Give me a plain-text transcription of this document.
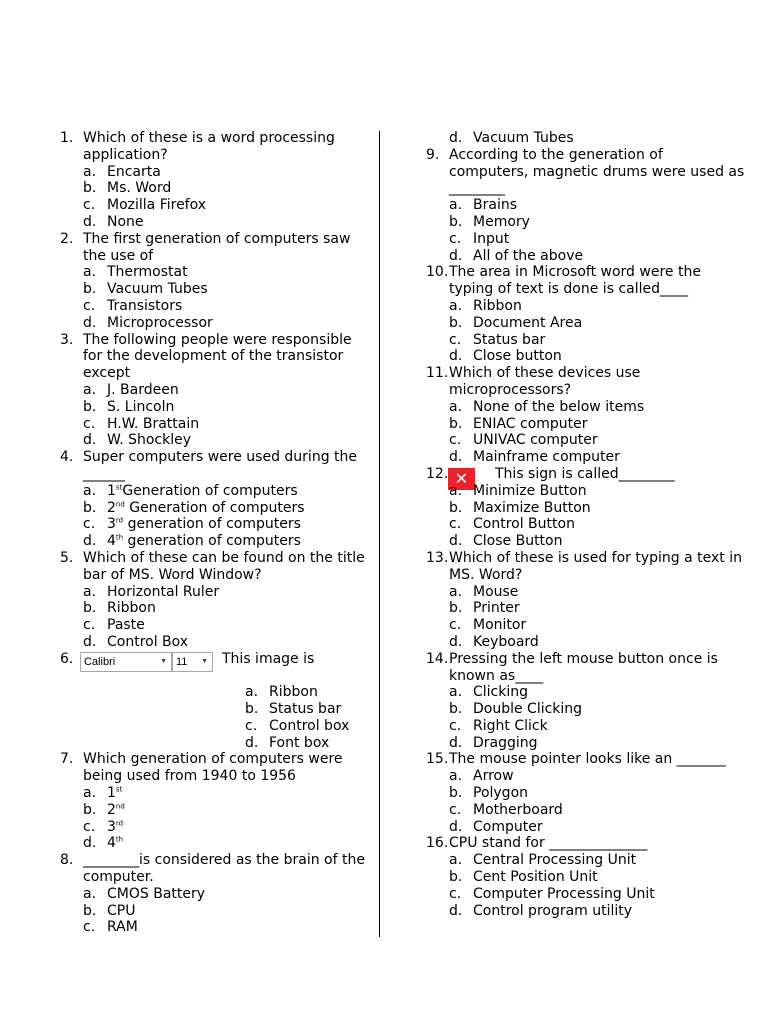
1. Which of these is a word processing application?
a. Encarta
b. Ms. Word
c. Mozilla Firefox
d. None
2. The first generation of computers saw the use of
a. Thermostat
b. Vacuum Tubes
c. Transistors
d. Microprocessor
3. The following people were responsible for the development of the transistor except
a. J. Bardeen
b. S. Lincoln
c. H.W. Brattain
d. W. Shockley
4. Super computers were used during the ______
a. 1stGeneration of computers
b. 2nd Generation of computers
c. 3rd generation of computers
d. 4th generation of computers
5. Which of these can be found on the title bar of MS. Word Window?
a. Horizontal Ruler
b. Ribbon
c. Paste
d. Control Box
6. Calibri	▼ 11 ▼ This image is
a. Ribbon
b. Status bar
c. Control box
d. Font box
7. Which generation of computers were being used from 1940 to 1956
a. 1st
b. 2nd
c. 3rd
d. 4th
8. ________is considered as the brain of the computer.
a. CMOS Battery
b. CPU
c. RAM
d. Vacuum Tubes
9. According to the generation of computers, magnetic drums were used as ________
a. Brains
b. Memory
c. Input
d. All of the above
10. The area in Microsoft word were the typing of text is done is called____
a. Ribbon
b. Document Area
c. Status bar
d. Close button
11. Which of these devices use microprocessors?
a. None of the below items
b. ENIAC computer
c. UNIVAC computer
d. Mainframe computer
12. ✕	This sign is called________
a. Minimize Button
b. Maximize Button
c. Control Button
d. Close Button
13. Which of these is used for typing a text in MS. Word?
a. Mouse
b. Printer
c. Monitor
d. Keyboard
14. Pressing the left mouse button once is known as____
a. Clicking
b. Double Clicking
c. Right Click
d. Dragging
15. The mouse pointer looks like an _______
a. Arrow
b. Polygon
c. Motherboard
d. Computer
16. CPU stand for ______________
a. Central Processing Unit
b. Cent Position Unit
c. Computer Processing Unit
d. Control program utility
